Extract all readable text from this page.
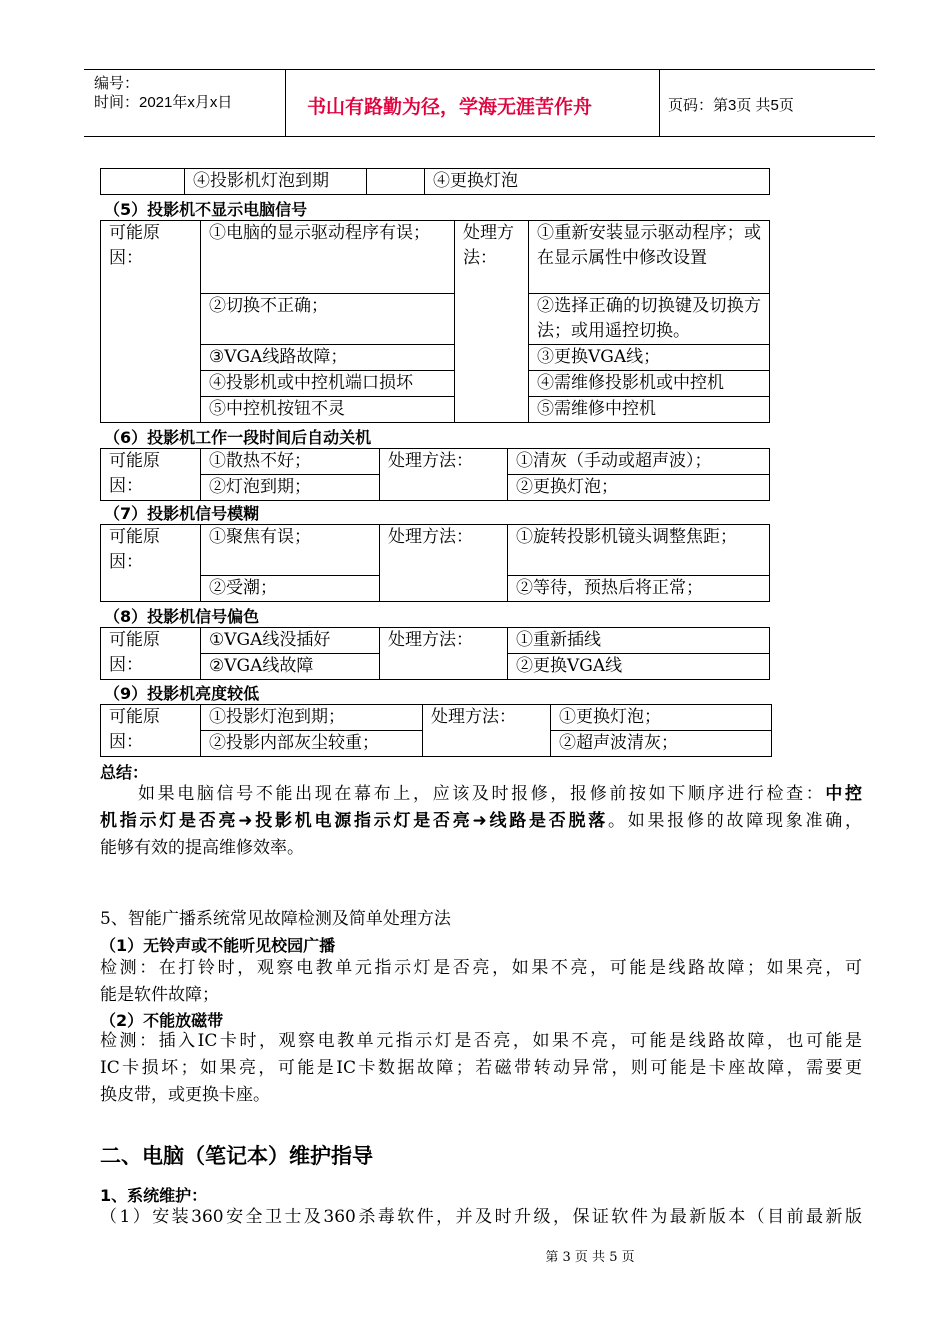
编号：
时间：2021年x月x日	书山有路勤为径，学海无涯苦作舟	页码：第3页 共5页
	④投影机灯泡到期		④更换灯泡
（5）投影机不显示电脑信号
可能原因：	①电脑的显示驱动程序有误；	处理方法：	①重新安装显示驱动程序；或在显示属性中修改设置
	②切换不正确；		②选择正确的切换键及切换方法；或用遥控切换。
	③VGA线路故障；		③更换VGA线；
	④投影机或中控机端口损坏		④需维修投影机或中控机
	⑤中控机按钮不灵		⑤需维修中控机
（6）投影机工作一段时间后自动关机
可能原因：	①散热不好；	处理方法：	①清灰（手动或超声波）；
	②灯泡到期；		②更换灯泡；
（7）投影机信号模糊
可能原因：	①聚焦有误；	处理方法：	①旋转投影机镜头调整焦距；
	②受潮；		②等待，预热后将正常；
（8）投影机信号偏色
可能原因：	①VGA线没插好	处理方法：	①重新插线
	②VGA线故障		②更换VGA线
（9）投影机亮度较低
可能原因：	①投影灯泡到期；	处理方法：	①更换灯泡；
	②投影内部灰尘较重；		②超声波清灰；
总结：
如果电脑信号不能出现在幕布上，应该及时报修，报修前按如下顺序进行检查：中控
机指示灯是否亮➜投影机电源指示灯是否亮➜线路是否脱落。如果报修的故障现象准确，
能够有效的提高维修效率。
5、智能广播系统常见故障检测及简单处理方法
（1）无铃声或不能听见校园广播
检测：在打铃时，观察电教单元指示灯是否亮，如果不亮，可能是线路故障；如果亮，可
能是软件故障；
（2）不能放磁带
检测：插入IC卡时，观察电教单元指示灯是否亮，如果不亮，可能是线路故障，也可能是
IC卡损坏；如果亮，可能是IC卡数据故障；若磁带转动异常，则可能是卡座故障，需要更
换皮带，或更换卡座。
二、电脑（笔记本）维护指导
1、系统维护：
（1）安装360安全卫士及360杀毒软件，并及时升级，保证软件为最新版本（目前最新版
第 3 页 共 5 页
